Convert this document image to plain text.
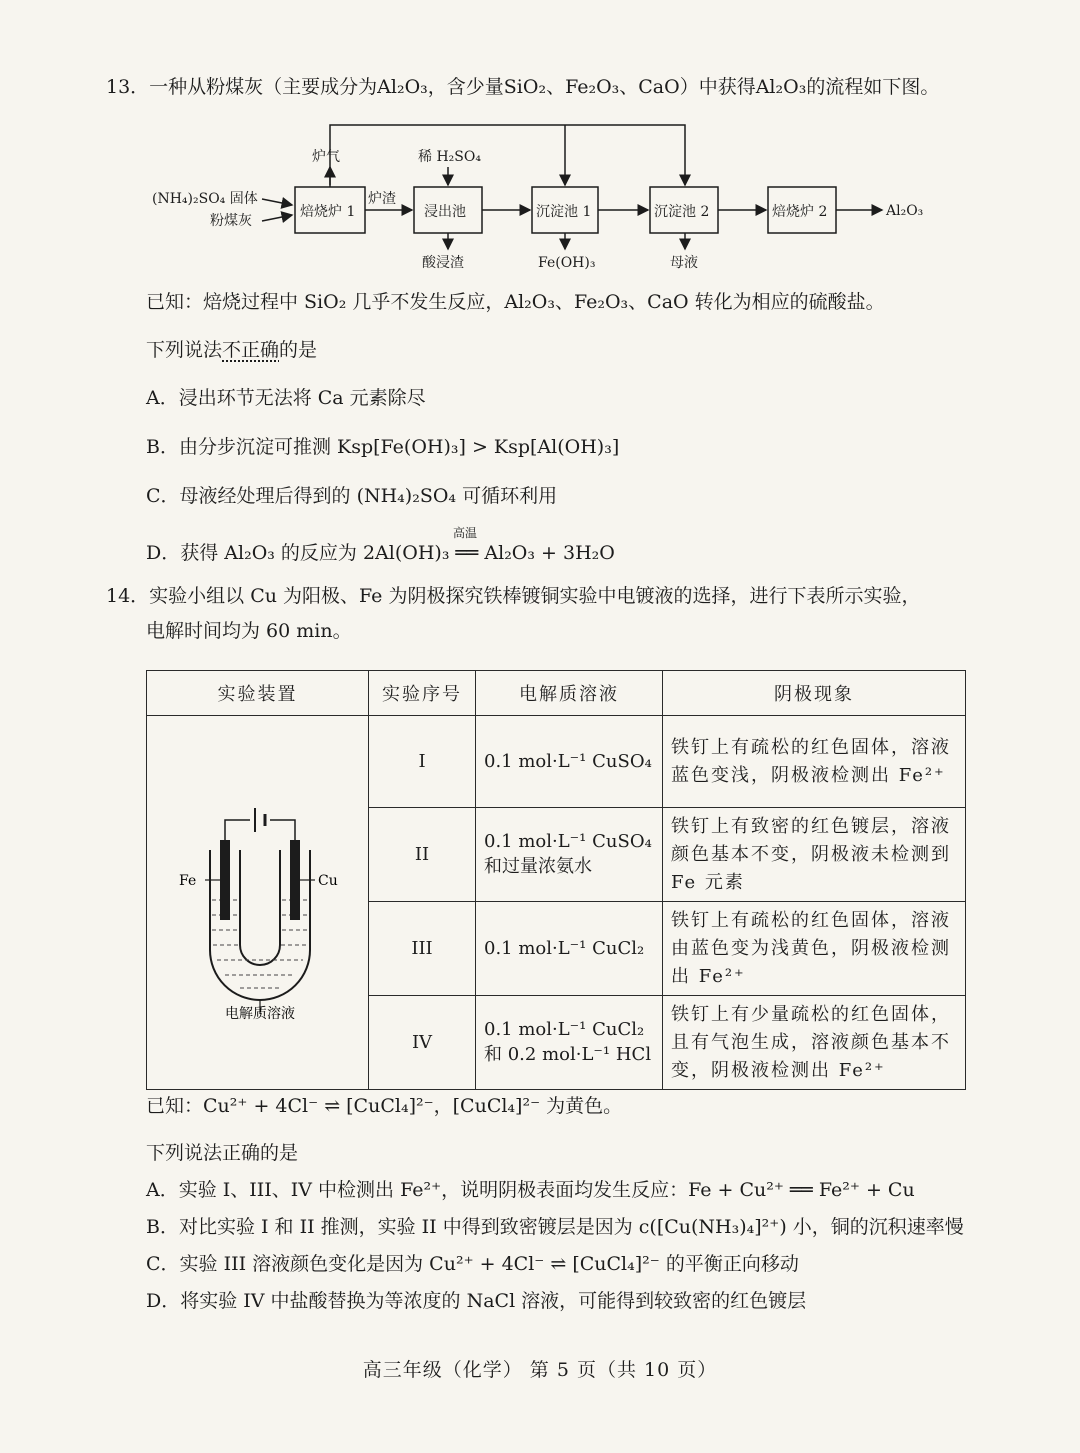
13．一种从粉煤灰（主要成分为Al₂O₃，含少量SiO₂、Fe₂O₃、CaO）中获得Al₂O₃的流程如下图。
(NH₄)₂SO₄ 固体
粉煤灰
焙烧炉 1
炉气
炉渣
稀 H₂SO₄
浸出池
酸浸渣
沉淀池 1
Fe(OH)₃
沉淀池 2
母液
焙烧炉 2	Al₂O₃
已知：焙烧过程中 SiO₂ 几乎不发生反应，Al₂O₃、Fe₂O₃、CaO 转化为相应的硫酸盐。
下列说法不正确的是
A．浸出环节无法将 Ca 元素除尽
B．由分步沉淀可推测 Ksp[Fe(OH)₃] > Ksp[Al(OH)₃]
C．母液经处理后得到的 (NH₄)₂SO₄ 可循环利用
D．获得 Al₂O₃ 的反应为 2Al(OH)₃ ══ Al₂O₃ + 3H₂O
高温
14．实验小组以 Cu 为阳极、Fe 为阴极探究铁棒镀铜实验中电镀液的选择，进行下表所示实验，
电解时间均为 60 min。
实验装置	实验序号	电解质溶液	阴极现象

Fe Cu
电解质溶液	I	0.1 mol·L⁻¹ CuSO₄	铁钉上有疏松的红色固体，溶液蓝色变浅，阴极液检测出 Fe²⁺
	II	0.1 mol·L⁻¹ CuSO₄ 和过量浓氨水	铁钉上有致密的红色镀层，溶液颜色基本不变，阴极液未检测到 Fe 元素
	III	0.1 mol·L⁻¹ CuCl₂	铁钉上有疏松的红色固体，溶液由蓝色变为浅黄色，阴极液检测出 Fe²⁺
	IV	0.1 mol·L⁻¹ CuCl₂ 和 0.2 mol·L⁻¹ HCl	铁钉上有少量疏松的红色固体，且有气泡生成，溶液颜色基本不变，阴极液检测出 Fe²⁺
已知：Cu²⁺ + 4Cl⁻ ⇌ [CuCl₄]²⁻，[CuCl₄]²⁻ 为黄色。
下列说法正确的是
A．实验 I、III、IV 中检测出 Fe²⁺，说明阴极表面均发生反应：Fe + Cu²⁺ ══ Fe²⁺ + Cu
B．对比实验 I 和 II 推测，实验 II 中得到致密镀层是因为 c([Cu(NH₃)₄]²⁺) 小，铜的沉积速率慢
C．实验 III 溶液颜色变化是因为 Cu²⁺ + 4Cl⁻ ⇌ [CuCl₄]²⁻ 的平衡正向移动
D．将实验 IV 中盐酸替换为等浓度的 NaCl 溶液，可能得到较致密的红色镀层
高三年级（化学） 第 5 页（共 10 页）
